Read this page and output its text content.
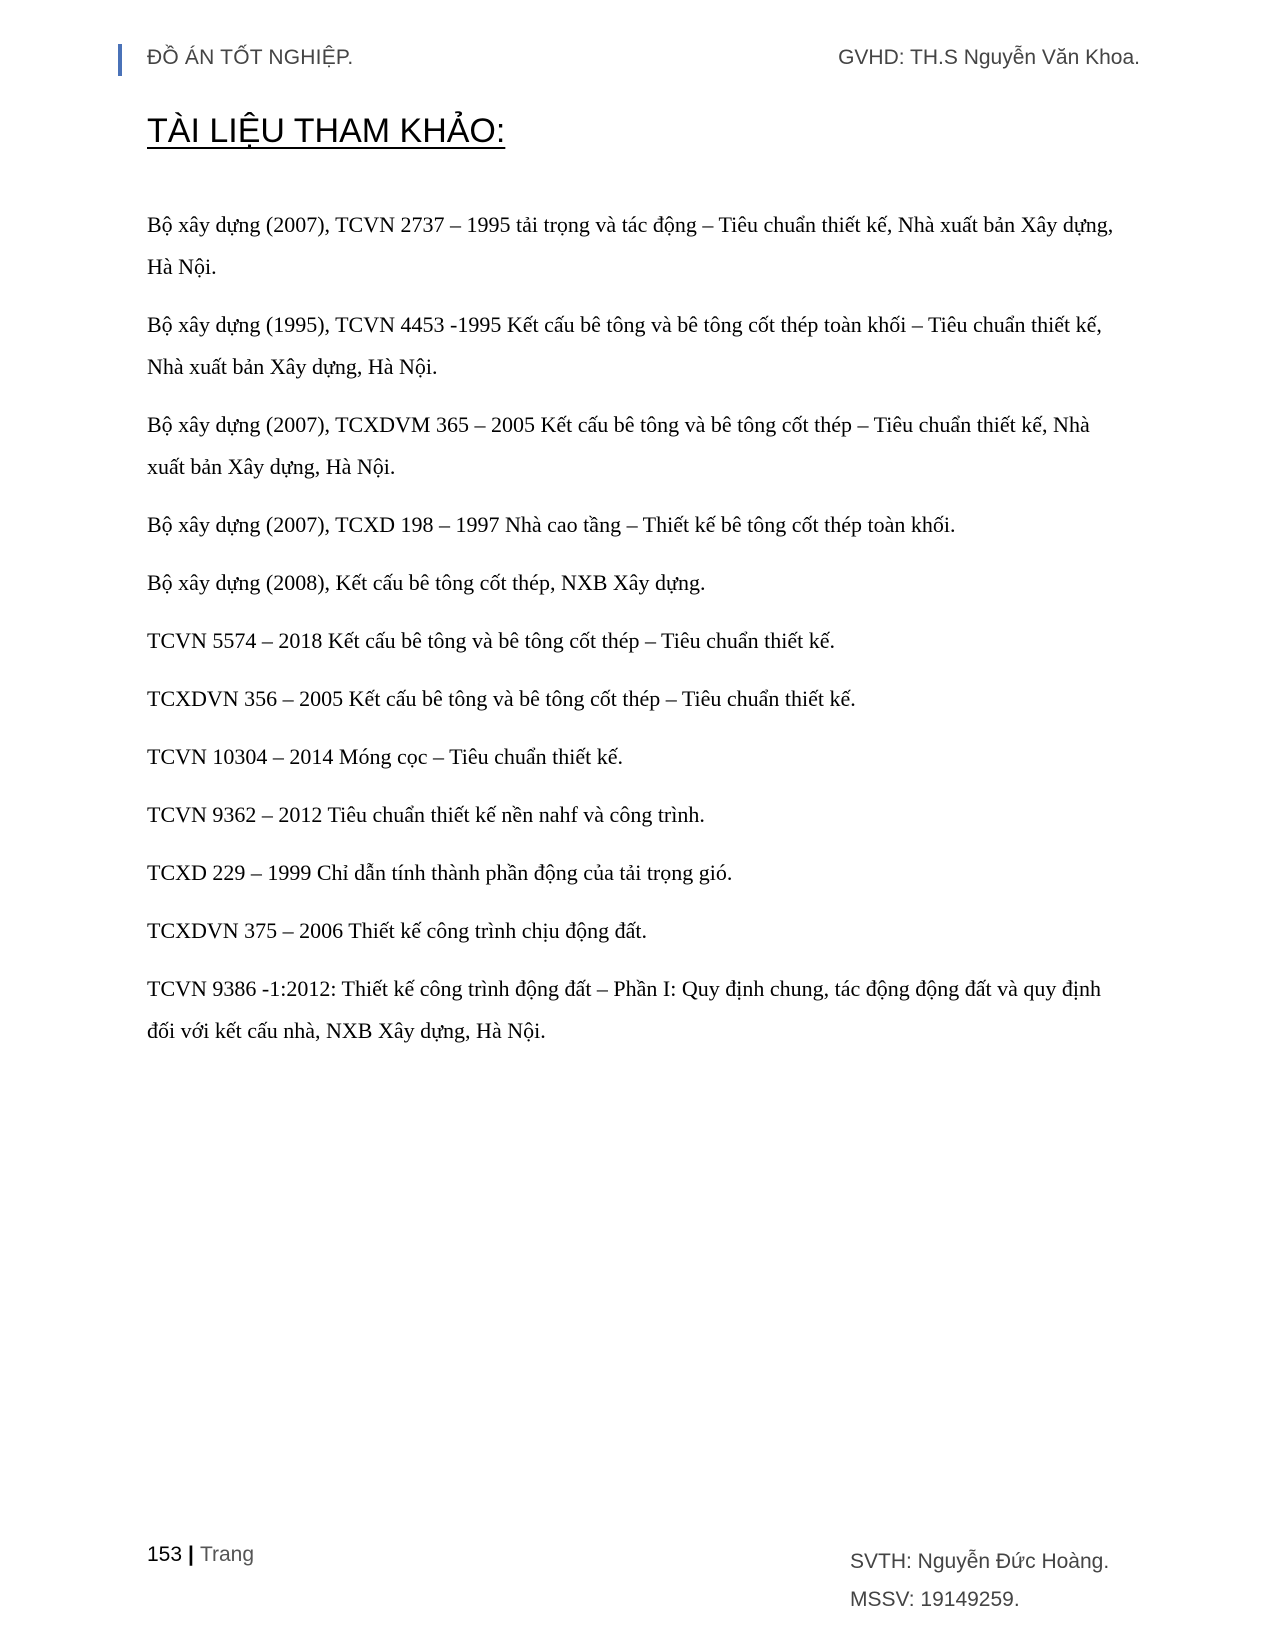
ĐỒ ÁN TỐT NGHIỆP.	GVHD: TH.S Nguyễn Văn Khoa.
TÀI LIỆU THAM KHẢO:
Bộ xây dựng (2007), TCVN 2737 – 1995 tải trọng và tác động – Tiêu chuẩn thiết kế, Nhà xuất bản Xây dựng, Hà Nội.
Bộ xây dựng (1995), TCVN 4453 -1995 Kết cấu bê tông và bê tông cốt thép toàn khối – Tiêu chuẩn thiết kế, Nhà xuất bản Xây dựng, Hà Nội.
Bộ xây dựng (2007), TCXDVM 365 – 2005 Kết cấu bê tông và bê tông cốt thép – Tiêu chuẩn thiết kế, Nhà xuất bản Xây dựng, Hà Nội.
Bộ xây dựng (2007), TCXD 198 – 1997 Nhà cao tầng – Thiết kế bê tông cốt thép toàn khối.
Bộ xây dựng (2008), Kết cấu bê tông cốt thép, NXB Xây dựng.
TCVN 5574 – 2018 Kết cấu bê tông và bê tông cốt thép – Tiêu chuẩn thiết kế.
TCXDVN 356 – 2005 Kết cấu bê tông và bê tông cốt thép – Tiêu chuẩn thiết kế.
TCVN 10304 – 2014 Móng cọc – Tiêu chuẩn thiết kế.
TCVN 9362 – 2012 Tiêu chuẩn thiết kế nền nahf và công trình.
TCXD 229 – 1999 Chỉ dẫn tính thành phần động của tải trọng gió.
TCXDVN 375 – 2006 Thiết kế công trình chịu động đất.
TCVN 9386 -1:2012: Thiết kế công trình động đất – Phần I: Quy định chung, tác động động đất và quy định đối với kết cấu nhà, NXB Xây dựng, Hà Nội.
153 | Trang	SVTH: Nguyễn Đức Hoàng.
MSSV: 19149259.
